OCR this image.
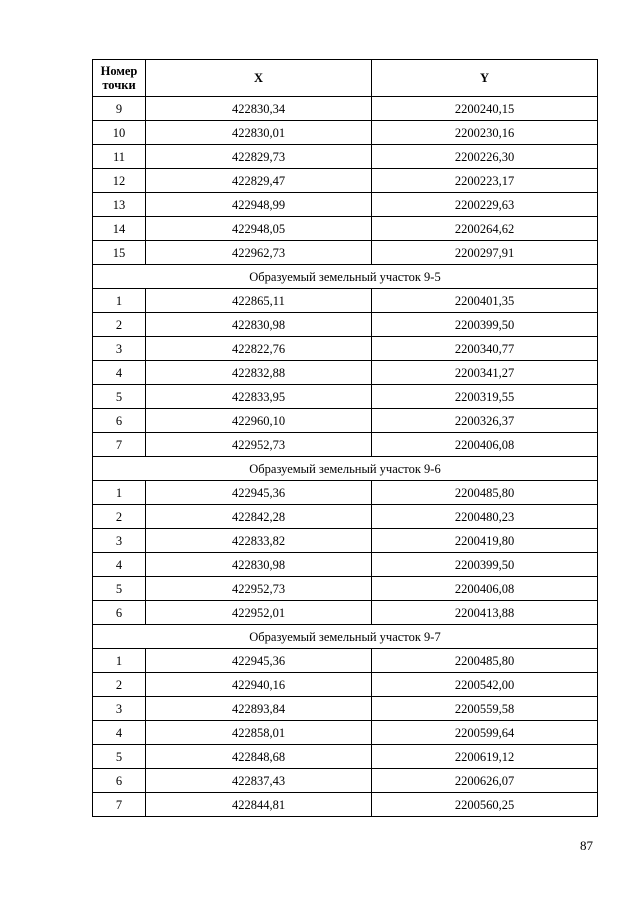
Номер точки	X	Y
9	422830,34	2200240,15
10	422830,01	2200230,16
11	422829,73	2200226,30
12	422829,47	2200223,17
13	422948,99	2200229,63
14	422948,05	2200264,62
15	422962,73	2200297,91
Образуемый земельный участок 9-5		
1	422865,11	2200401,35
2	422830,98	2200399,50
3	422822,76	2200340,77
4	422832,88	2200341,27
5	422833,95	2200319,55
6	422960,10	2200326,37
7	422952,73	2200406,08
Образуемый земельный участок 9-6		
1	422945,36	2200485,80
2	422842,28	2200480,23
3	422833,82	2200419,80
4	422830,98	2200399,50
5	422952,73	2200406,08
6	422952,01	2200413,88
Образуемый земельный участок 9-7		
1	422945,36	2200485,80
2	422940,16	2200542,00
3	422893,84	2200559,58
4	422858,01	2200599,64
5	422848,68	2200619,12
6	422837,43	2200626,07
7	422844,81	2200560,25
87
